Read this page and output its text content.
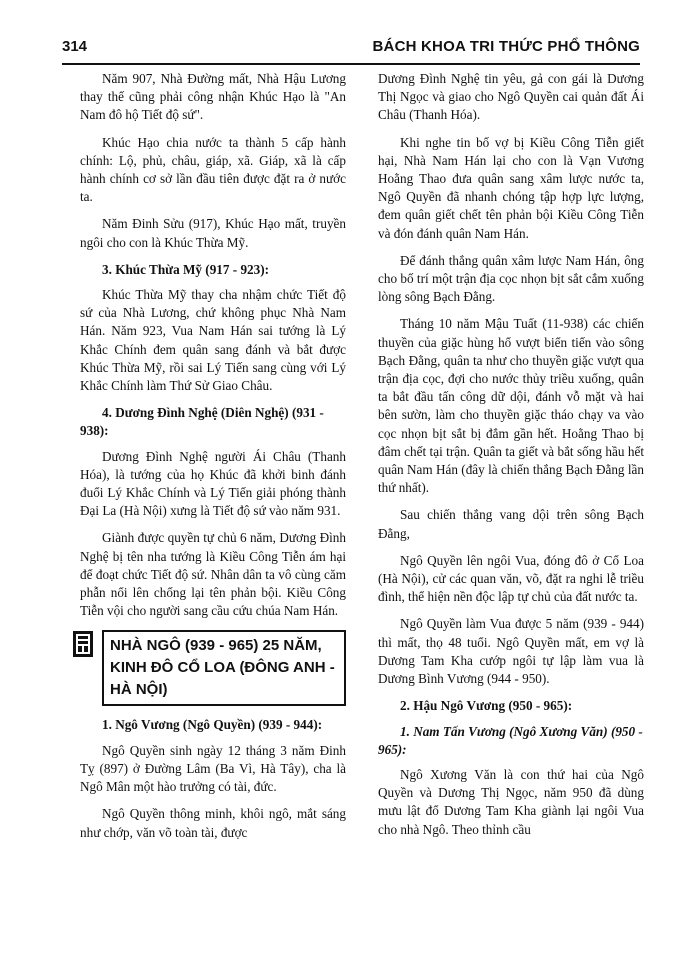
314	BÁCH KHOA TRI THỨC PHỔ THÔNG

Năm 907, Nhà Đường mất, Nhà Hậu Lương thay thế cũng phải công nhận Khúc Hạo là "An Nam đô hộ Tiết độ sứ".

Khúc Hạo chia nước ta thành 5 cấp hành chính: Lộ, phủ, châu, giáp, xã. Giáp, xã là cấp hành chính cơ sở lần đầu tiên được đặt ra ở nước ta.

Năm Đinh Sửu (917), Khúc Hạo mất, truyền ngôi cho con là Khúc Thừa Mỹ.

3. Khúc Thừa Mỹ (917 - 923):

Khúc Thừa Mỹ thay cha nhậm chức Tiết độ sứ của Nhà Lương, chứ không phục Nhà Nam Hán. Năm 923, Vua Nam Hán sai tướng là Lý Khắc Chính đem quân sang đánh và bắt được Khúc Thừa Mỹ, rồi sai Lý Tiến sang cùng với Lý Khắc Chính làm Thứ Sử Giao Châu.

4. Dương Đình Nghệ (Diên Nghệ) (931 - 938):

Dương Đình Nghệ người Ái Châu (Thanh Hóa), là tướng của họ Khúc đã khởi binh đánh đuổi Lý Khắc Chính và Lý Tiến giải phóng thành Đại La (Hà Nội) xưng là Tiết độ sứ vào năm 931.

Giành được quyền tự chủ 6 năm, Dương Đình Nghệ bị tên nha tướng là Kiều Công Tiễn ám hại để đoạt chức Tiết độ sứ. Nhân dân ta vô cùng căm phẫn nổi lên chống lại tên phản bội. Kiều Công Tiễn vội cho người sang cầu cứu chúa Nam Hán.

NHÀ NGÔ (939 - 965) 25 NĂM, KINH ĐÔ CỔ LOA (ĐÔNG ANH - HÀ NỘI)
1. Ngô Vương (Ngô Quyền) (939 - 944):

Ngô Quyền sinh ngày 12 tháng 3 năm Đinh Tỵ (897) ở Đường Lâm (Ba Vì, Hà Tây), cha là Ngô Mân một hào trưởng có tài, đức.

Ngô Quyền thông minh, khôi ngô, mắt sáng như chớp, văn võ toàn tài, được

Dương Đình Nghệ tin yêu, gả con gái là Dương Thị Ngọc và giao cho Ngô Quyền cai quản đất Ái Châu (Thanh Hóa).

Khi nghe tin bố vợ bị Kiều Công Tiễn giết hại, Nhà Nam Hán lại cho con là Vạn Vương Hoằng Thao đưa quân sang xâm lược nước ta, Ngô Quyền đã nhanh chóng tập hợp lực lượng, đem quân giết chết tên phản bội Kiều Công Tiễn và đón đánh quân Nam Hán.

Để đánh thắng quân xâm lược Nam Hán, ông cho bố trí một trận địa cọc nhọn bịt sắt cắm xuống lòng sông Bạch Đằng.

Tháng 10 năm Mậu Tuất (11-938) các chiến thuyền của giặc hùng hổ vượt biển tiến vào sông Bạch Đằng, quân ta như cho thuyền giặc vượt qua trận địa cọc, đợi cho nước thủy triều xuống, quân ta bắt đầu tấn công dữ dội, đánh vỗ mặt và hai bên sườn, làm cho thuyền giặc tháo chạy va vào cọc nhọn bịt sắt bị đắm gần hết. Hoằng Thao bị đâm chết tại trận. Quân ta giết và bắt sống hầu hết quân Nam Hán (đây là chiến thắng Bạch Đằng lần thứ nhất).

Sau chiến thắng vang dội trên sông Bạch Đằng,

Ngô Quyền lên ngôi Vua, đóng đô ở Cổ Loa (Hà Nội), cử các quan văn, võ, đặt ra nghi lễ triều đình, thể hiện nền độc lập tự chủ của đất nước ta.

Ngô Quyền làm Vua được 5 năm (939 - 944) thì mất, thọ 48 tuổi. Ngô Quyền mất, em vợ là Dương Tam Kha cướp ngôi tự lập làm vua là Dương Bình Vương (944 - 950).

2. Hậu Ngô Vương (950 - 965):
1. Nam Tấn Vương (Ngô Xương Văn) (950 - 965):

Ngô Xương Văn là con thứ hai của Ngô Quyền và Dương Thị Ngọc, năm 950 đã dùng mưu lật đổ Dương Tam Kha giành lại ngôi Vua cho nhà Ngô. Theo thỉnh cầu
